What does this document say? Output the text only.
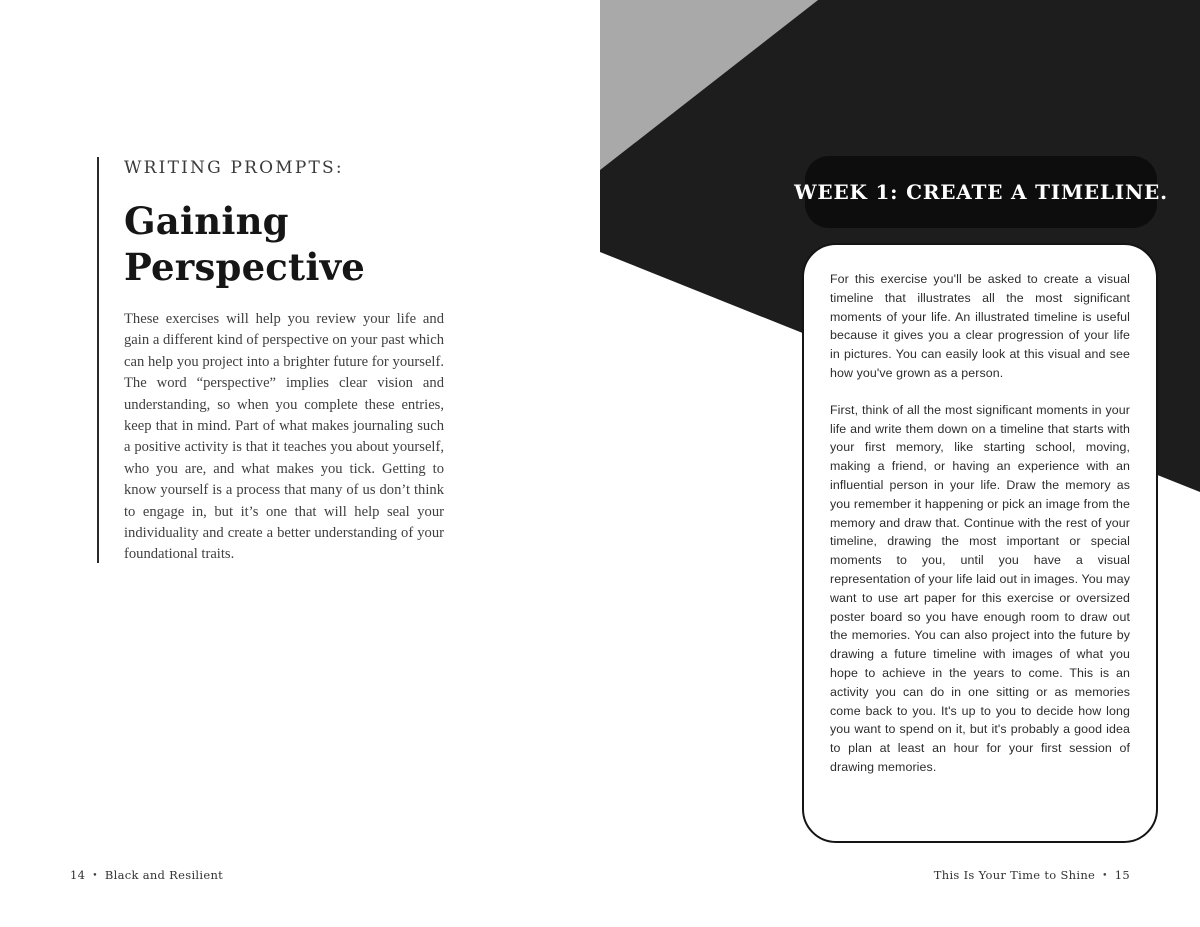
WRITING PROMPTS:
Gaining
Perspective

These exercises will help you review your life and gain a different kind of perspective on your past which can help you project into a brighter future for yourself. The word “perspective” implies clear vision and understanding, so when you complete these entries, keep that in mind. Part of what makes journaling such a positive activity is that it teaches you about yourself, who you are, and what makes you tick. Getting to know yourself is a process that many of us don’t think to engage in, but it’s one that will help seal your individuality and create a better understanding of your foundational traits.

WEEK 1: CREATE A TIMELINE.

For this exercise you'll be asked to create a visual timeline that illustrates all the most significant moments of your life. An illustrated timeline is useful because it gives you a clear progression of your life in pictures. You can easily look at this visual and see how you've grown as a person.

First, think of all the most significant moments in your life and write them down on a timeline that starts with your first memory, like starting school, moving, making a friend, or having an experience with an influential person in your life. Draw the memory as you remember it happening or pick an image from the memory and draw that. Continue with the rest of your timeline, drawing the most important or special moments to you, until you have a visual representation of your life laid out in images. You may want to use art paper for this exercise or oversized poster board so you have enough room to draw out the memories. You can also project into the future by drawing a future timeline with images of what you hope to achieve in the years to come. This is an activity you can do in one sitting or as memories come back to you. It's up to you to decide how long you want to spend on it, but it's probably a good idea to plan at least an hour for your first session of drawing memories.

14 • Black and Resilient	This Is Your Time to Shine • 15
